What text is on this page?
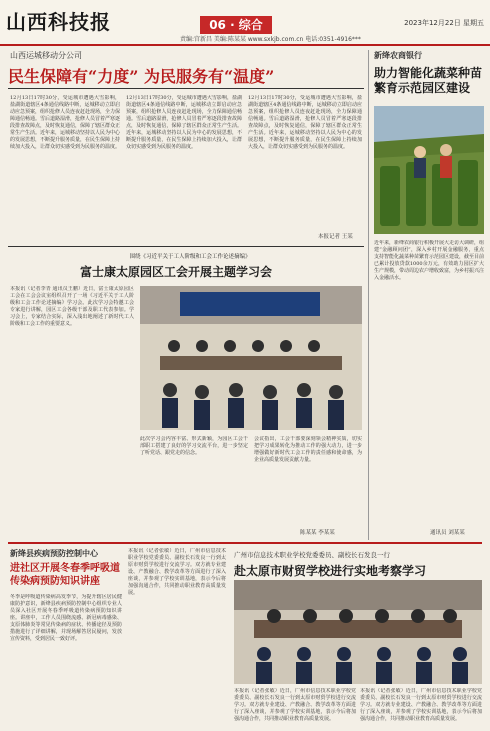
山西科技报	06 · 综合	2023年12月22日 星期五
责编:宫新昌 美编:陈某某 www.sxkjb.com.cn 电话:0351-4916***
山西运城移动分公司
民生保障有“力度” 为民服务有“温度”
12月13日17时30分，受运城市遭遇大雪影响，盐湖街道辖区4条通信线路中断，运城移动立即启动应急预案，组织抢修人员连夜赶赴现场，全力保障通信畅通。雪后道路湿滑，抢修人员冒着严寒逐段排查故障点，及时恢复通信，保障了辖区群众正常生产生活。近年来，运城移动坚持以人民为中心的发展思想，不断提升服务质量，在民生保障上持续加大投入，让群众切实感受到为民服务的温度。
12月13日17时30分，受运城市遭遇大雪影响，盐湖街道辖区4条通信线路中断，运城移动立即启动应急预案，组织抢修人员连夜赶赴现场，全力保障通信畅通。雪后道路湿滑，抢修人员冒着严寒逐段排查故障点，及时恢复通信，保障了辖区群众正常生产生活。近年来，运城移动坚持以人民为中心的发展思想，不断提升服务质量，在民生保障上持续加大投入，让群众切实感受到为民服务的温度。
12月13日17时30分，受运城市遭遇大雪影响，盐湖街道辖区4条通信线路中断，运城移动立即启动应急预案，组织抢修人员连夜赶赴现场，全力保障通信畅通。雪后道路湿滑，抢修人员冒着严寒逐段排查故障点，及时恢复通信，保障了辖区群众正常生产生活。近年来，运城移动坚持以人民为中心的发展思想，不断提升服务质量，在民生保障上持续加大投入，让群众切实感受到为民服务的温度。
本报记者 王某
新绛农商银行
助力智能化蔬菜种苗繁育示范园区建设
近年来，新绛农商银行积极开展大走访大调研，组建“金融顾问团”，深入乡村开展金融服务，重点支持智能化蔬菜种苗繁育示范园区建设，截至目前已累计投放贷款1000余万元，有效助力园区扩大生产规模，带动周边农户增收致富，为乡村振兴注入金融活水。
通讯员 刘某某
围绕《习近平关于工人阶级和工会工作论述摘编》
富士康太原园区工会开展主题学习会
本报讯（记者李青 通讯员王鹏）近日，富士康太原园区工会在工会会议室组织召开了一场《习近平关于工人阶级和工会工作论述摘编》学习会。此次学习会特邀工会专家进行讲解，园区工会各级干部及职工代表参加。学习会上，专家结合实际，深入浅出地阐述了新时代工人阶级和工会工作的重要意义。
此次学习会内容丰富、形式新颖，为园区工会干部职工搭建了良好的学习交流平台，进一步坚定了听党话、跟党走的信念。
会议指出，工会干部要深刻领会精神实质，切实把学习成果转化为推动工作的强大动力，进一步增强做好新时代工会工作的责任感和使命感，为企业高质量发展贡献力量。
陈某某 李某某
新绛县疾病预防控制中心
进社区开展冬春季呼吸道传染病预防知识讲座
冬季是呼吸道传染病高发季节，为提升辖区居民健康防护意识，新绛县疾病预防控制中心组织专业人员深入社区开展冬春季呼吸道传染病预防知识讲座。讲座中，工作人员围绕流感、新冠病毒感染、支原体肺炎等常见传染病的症状、传播途径及预防措施进行了详细讲解，并现场解答居民疑问，发放宣传资料，受到居民一致好评。
本报讯（记者张敏）近日，广州市信息技术职业学校党委委员、副校长石发良一行到太原市财贸学校进行交流学习。双方就专业建设、产教融合、教学改革等方面进行了深入座谈，并参观了学校实训基地，表示今后将加强沟通合作，共同推动职业教育高质量发展。
广州市信息技术职业学校党委委员、副校长石发良一行
赴太原市财贸学校进行实地考察学习
本报讯（记者张敏）近日，广州市信息技术职业学校党委委员、副校长石发良一行到太原市财贸学校进行交流学习。双方就专业建设、产教融合、教学改革等方面进行了深入座谈，并参观了学校实训基地，表示今后将加强沟通合作，共同推动职业教育高质量发展。
本报讯（记者张敏）近日，广州市信息技术职业学校党委委员、副校长石发良一行到太原市财贸学校进行交流学习。双方就专业建设、产教融合、教学改革等方面进行了深入座谈，并参观了学校实训基地，表示今后将加强沟通合作，共同推动职业教育高质量发展。
